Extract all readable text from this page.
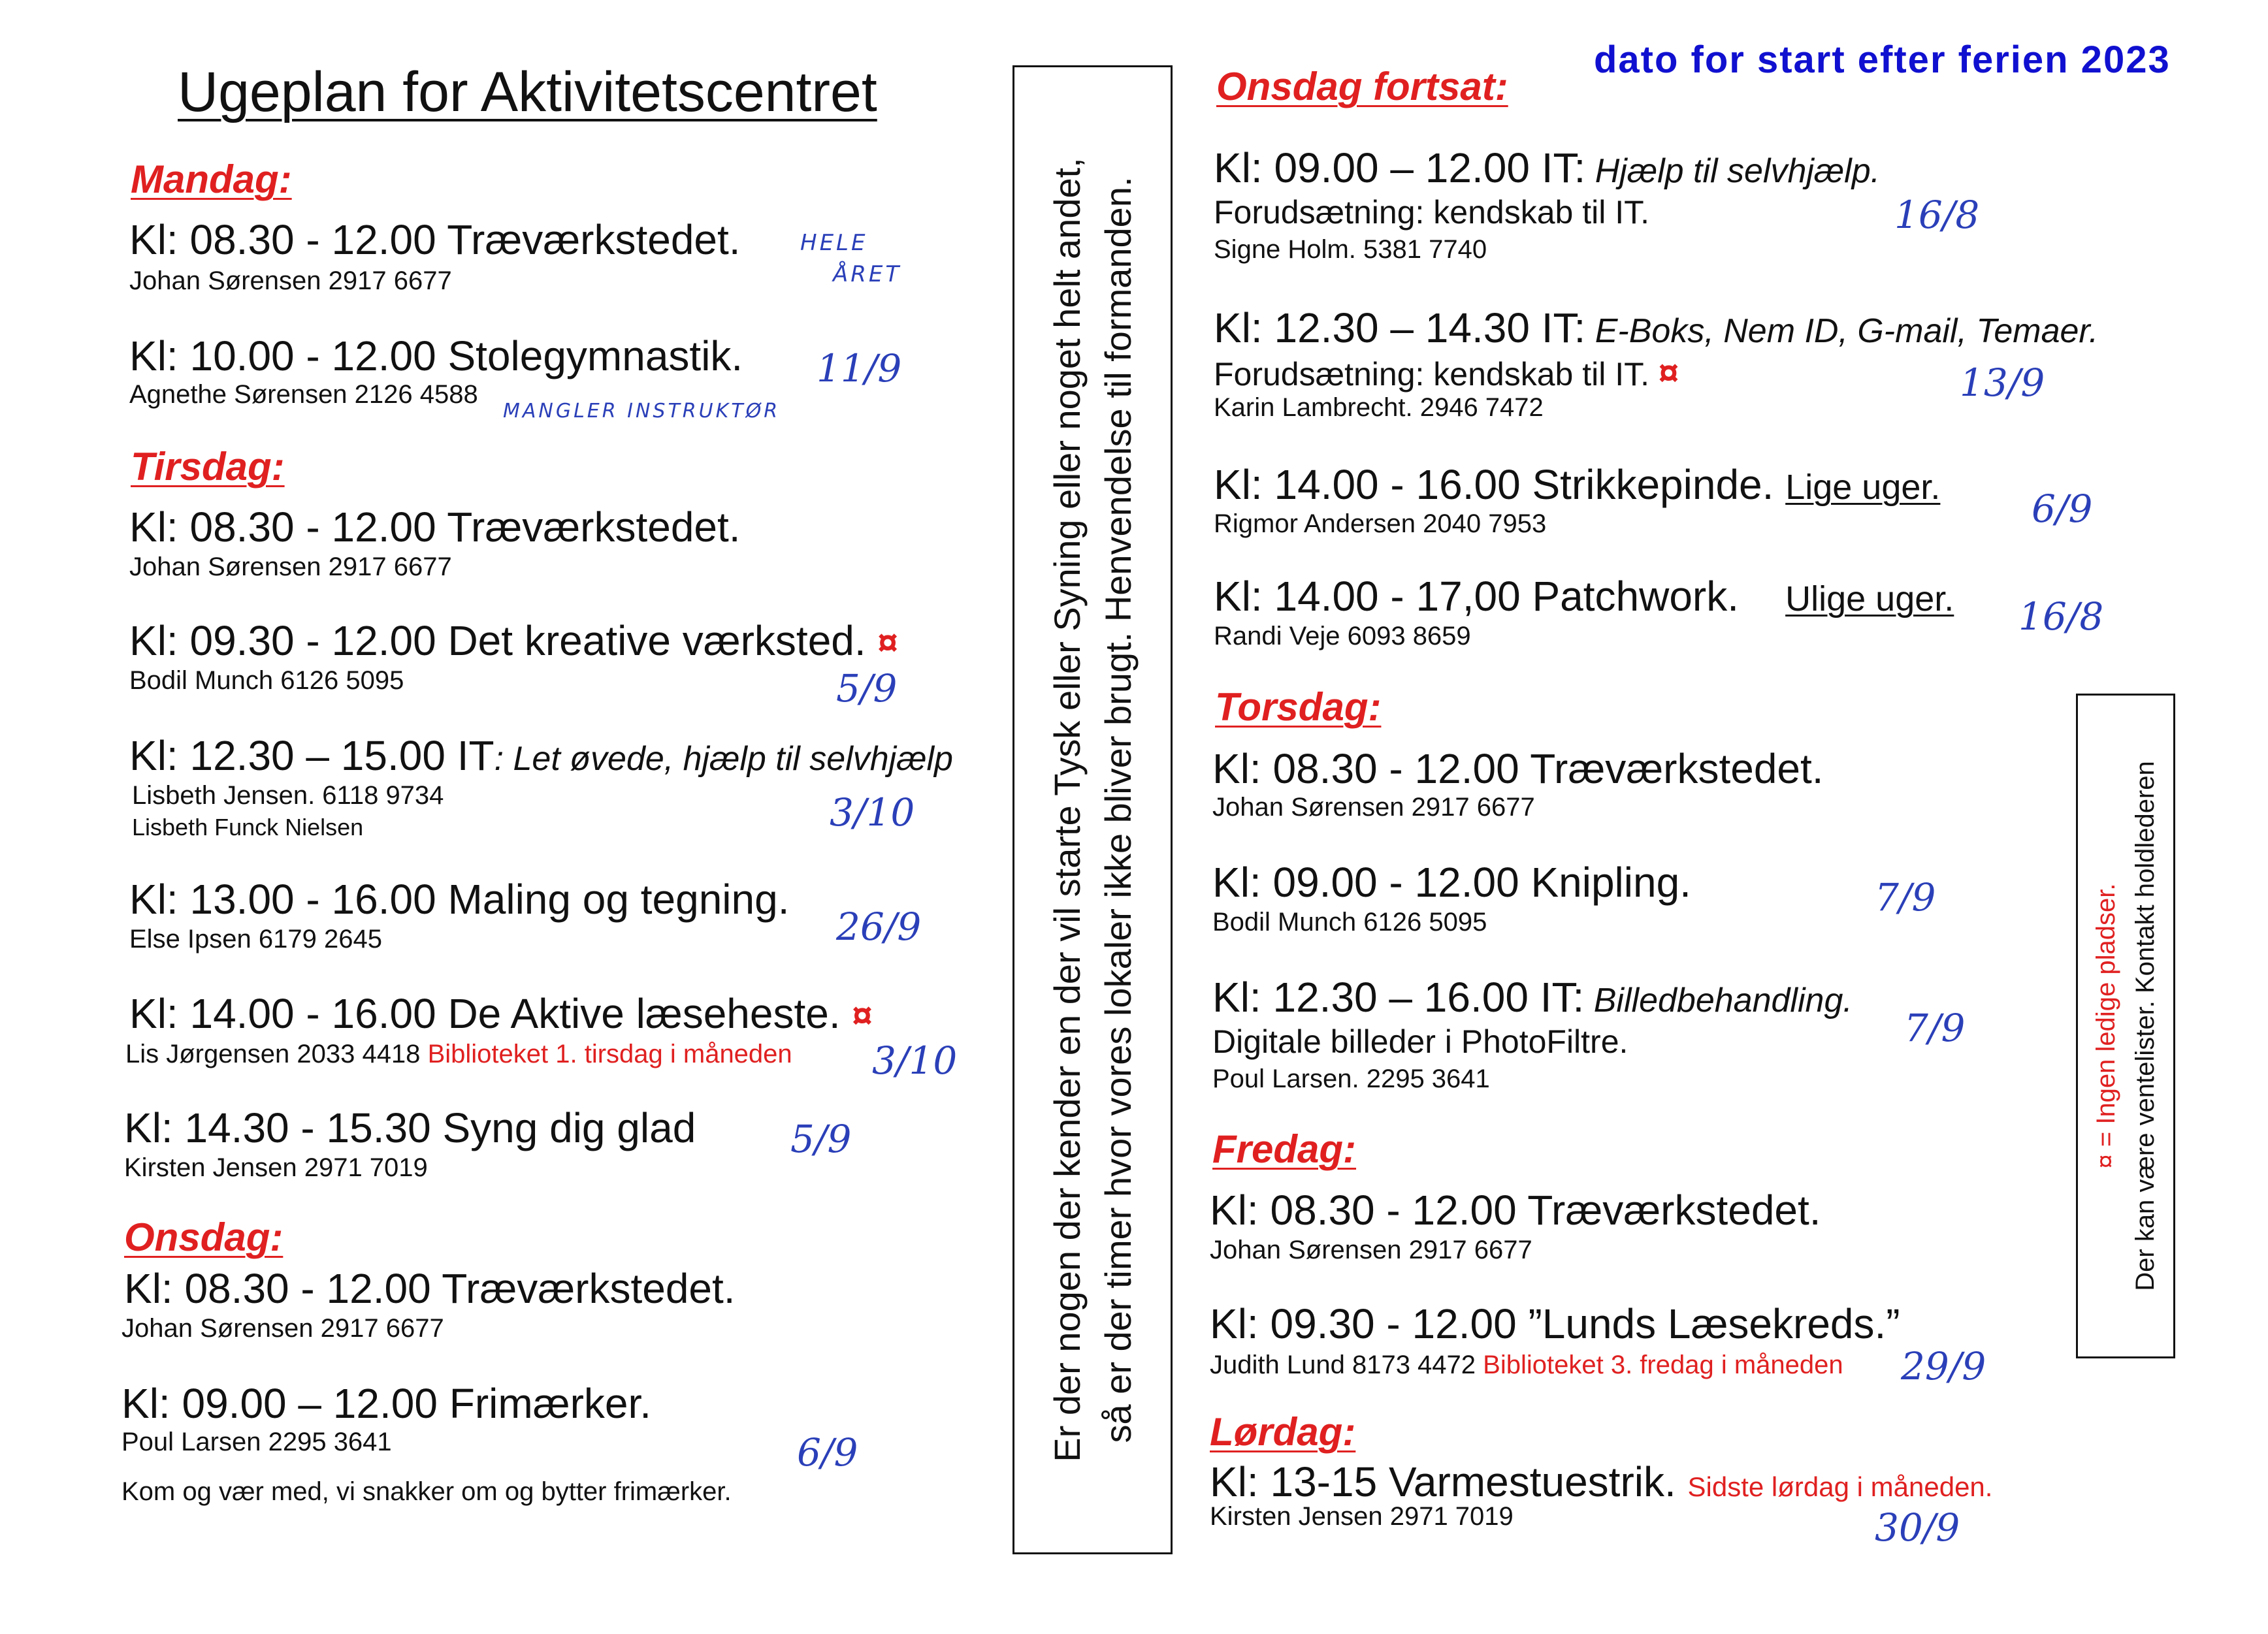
Ugeplan for Aktivitetscentret
dato for start efter ferien 2023
Mandag:
Kl: 08.30 - 12.00 Træværkstedet.
Johan Sørensen 2917 6677
HELE
ÅRET
Kl: 10.00 - 12.00 Stolegymnastik.
Agnethe Sørensen 2126 4588
11/9
MANGLER INSTRUKTØR
Tirsdag:
Kl: 08.30 - 12.00 Træværkstedet.
Johan Sørensen 2917 6677
Kl: 09.30 - 12.00 Det kreative værksted. ¤
Bodil Munch 6126 5095	5/9
Kl: 12.30 – 15.00 IT: Let øvede, hjælp til selvhjælp
Lisbeth Jensen. 6118 9734
Lisbeth Funck Nielsen	3/10
Kl: 13.00 - 16.00 Maling og tegning.
Else Ipsen 6179 2645	26/9
Kl: 14.00 - 16.00 De Aktive læseheste. ¤
Lis Jørgensen 2033 4418 Biblioteket 1. tirsdag i måneden 3/10
Kl: 14.30 - 15.30 Syng dig glad
Kirsten Jensen 2971 7019
5/9
Onsdag:
Kl: 08.30 - 12.00 Træværkstedet.
Johan Sørensen 2917 6677
Kl: 09.00 – 12.00 Frimærker.
Poul Larsen 2295 3641
Kom og vær med, vi snakker om og bytter frimærker.
6/9	Er der nogen der kender en der vil starte Tysk eller Syning eller noget helt andet, så er der timer hvor vores lokaler ikke bliver brugt. Henvendelse til formanden.
Onsdag fortsat:
Kl: 09.00 – 12.00 IT: Hjælp til selvhjælp.
Forudsætning: kendskab til IT.
Signe Holm. 5381 7740
16/8
Kl: 12.30 – 14.30 IT: E-Boks, Nem ID, G-mail, Temaer.
Forudsætning: kendskab til IT. ¤
Karin Lambrecht. 2946 7472
13/9
Kl: 14.00 - 16.00 Strikkepinde. Lige uger.
Rigmor Andersen 2040 7953	6/9
Kl: 14.00 - 17,00 Patchwork. Ulige uger.
Randi Veje 6093 8659	16/8
Torsdag:
Kl: 08.30 - 12.00 Træværkstedet.
Johan Sørensen 2917 6677
Kl: 09.00 - 12.00 Knipling.
Bodil Munch 6126 5095
7/9
Kl: 12.30 – 16.00 IT: Billedbehandling.
Digitale billeder i PhotoFiltre.
Poul Larsen. 2295 3641
7/9
Fredag:
Kl: 08.30 - 12.00 Træværkstedet.
Johan Sørensen 2917 6677
Kl: 09.30 - 12.00 ”Lunds Læsekreds.”
Judith Lund 8173 4472 Biblioteket 3. fredag i måneden 29/9
Lørdag:
Kl: 13-15 Varmestuestrik. Sidste lørdag i måneden.
Kirsten Jensen 2971 7019	30/9
¤ = Ingen ledige pladser. Der kan være ventelister. Kontakt holdlederen
